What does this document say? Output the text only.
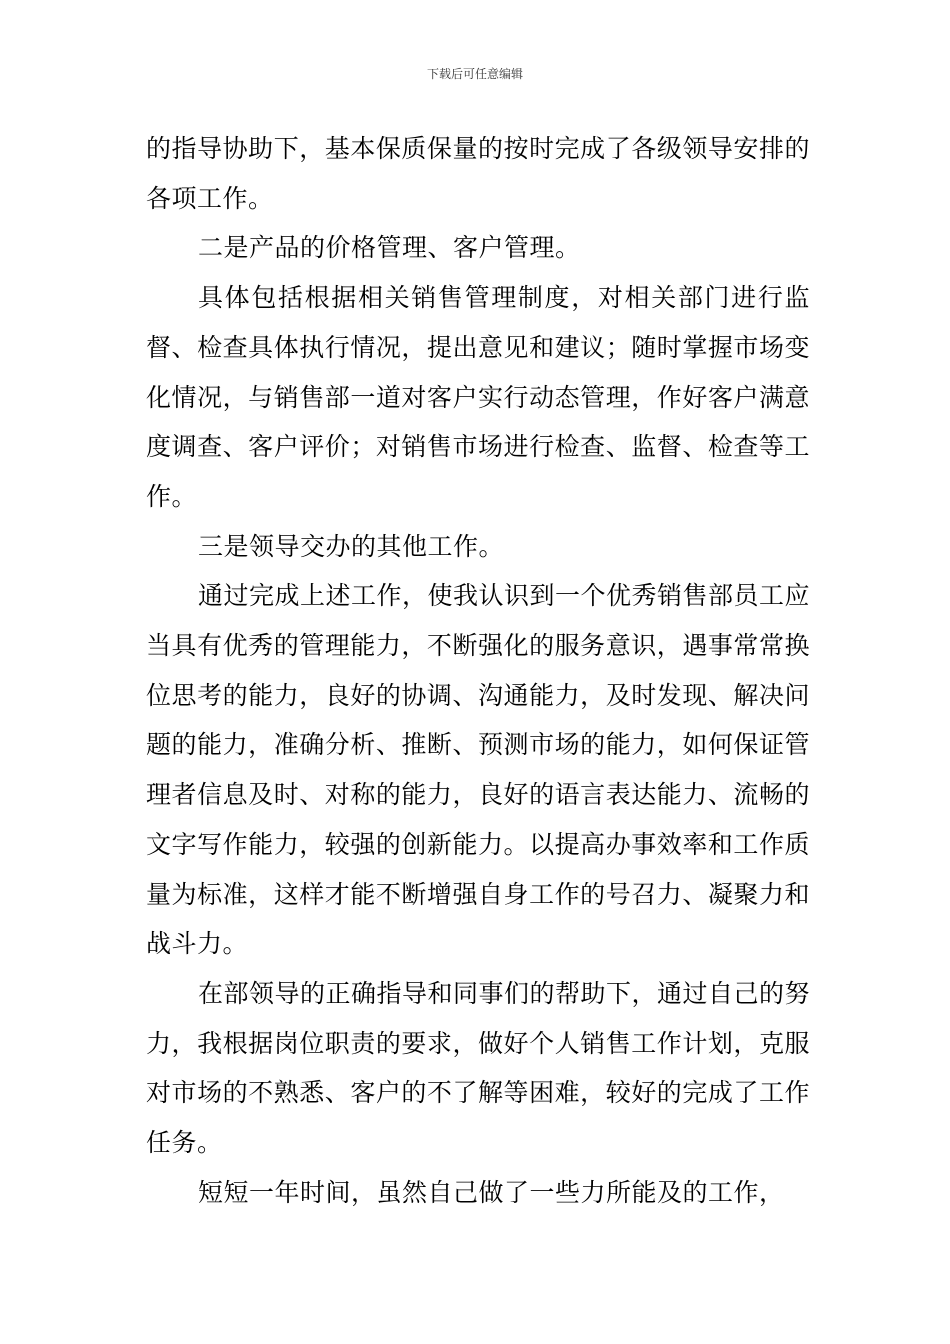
下载后可任意编辑

的指导协助下，基本保质保量的按时完成了各级领导安排的各项工作。

二是产品的价格管理、客户管理。

具体包括根据相关销售管理制度，对相关部门进行监督、检查具体执行情况，提出意见和建议；随时掌握市场变化情况，与销售部一道对客户实行动态管理，作好客户满意度调查、客户评价；对销售市场进行检查、监督、检查等工作。

三是领导交办的其他工作。

通过完成上述工作，使我认识到一个优秀销售部员工应当具有优秀的管理能力，不断强化的服务意识，遇事常常换位思考的能力，良好的协调、沟通能力，及时发现、解决问题的能力，准确分析、推断、预测市场的能力，如何保证管理者信息及时、对称的能力，良好的语言表达能力、流畅的文字写作能力，较强的创新能力。以提高办事效率和工作质量为标准，这样才能不断增强自身工作的号召力、凝聚力和战斗力。

在部领导的正确指导和同事们的帮助下，通过自己的努力，我根据岗位职责的要求，做好个人销售工作计划，克服对市场的不熟悉、客户的不了解等困难，较好的完成了工作任务。

短短一年时间，虽然自己做了一些力所能及的工作，
